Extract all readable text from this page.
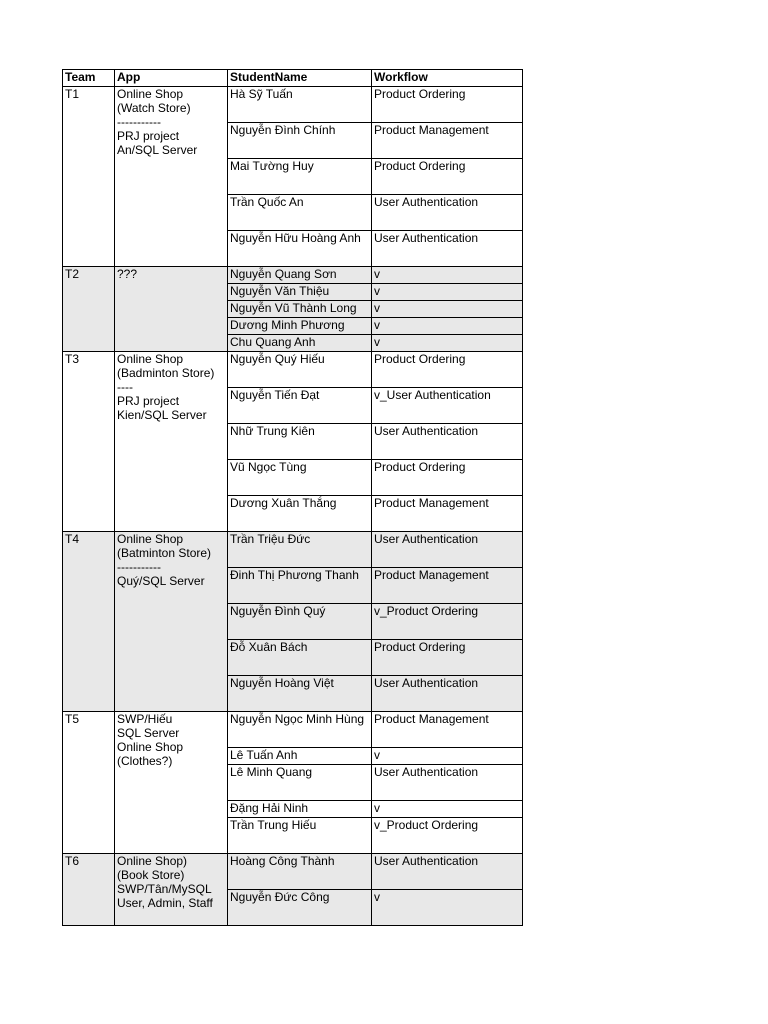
Team	App	StudentName	Workflow
T1	Online Shop
(Watch Store)
-----------
PRJ project
An/SQL Server	Hà Sỹ Tuấn	Product Ordering
		Nguyễn Đình Chính	Product Management
		Mai Tường Huy	Product Ordering
		Trần Quốc An	User Authentication
		Nguyễn Hữu Hoàng Anh	User Authentication
T2	???	Nguyễn Quang Sơn	v
		Nguyễn Văn Thiệu	v
		Nguyễn Vũ Thành Long	v
		Dương Minh Phương	v
		Chu Quang Anh	v
T3	Online Shop
(Badminton Store)
----
PRJ project
Kien/SQL Server	Nguyễn Quý Hiếu	Product Ordering
		Nguyễn Tiến Đạt	v_User Authentication
		Nhữ Trung Kiên	User Authentication
		Vũ Ngọc Tùng	Product Ordering
		Dương Xuân Thắng	Product Management
T4	Online Shop
(Batminton Store)
-----------
Quý/SQL Server	Trần Triệu Đức	User Authentication
		Đinh Thị Phương Thanh	Product Management
		Nguyễn Đình Quý	v_Product Ordering
		Đỗ Xuân Bách	Product Ordering
		Nguyễn Hoàng Việt	User Authentication
T5	SWP/Hiếu
SQL Server
Online Shop
(Clothes?)	Nguyễn Ngọc Minh Hùng	Product Management
		Lê Tuấn Anh	v
		Lê Minh Quang	User Authentication
		Đặng Hải Ninh	v
		Trần Trung Hiếu	v_Product Ordering
T6	Online Shop)
(Book Store)
SWP/Tân/MySQL
User, Admin, Staff	Hoàng Công Thành	User Authentication
		Nguyễn Đức Công	v
